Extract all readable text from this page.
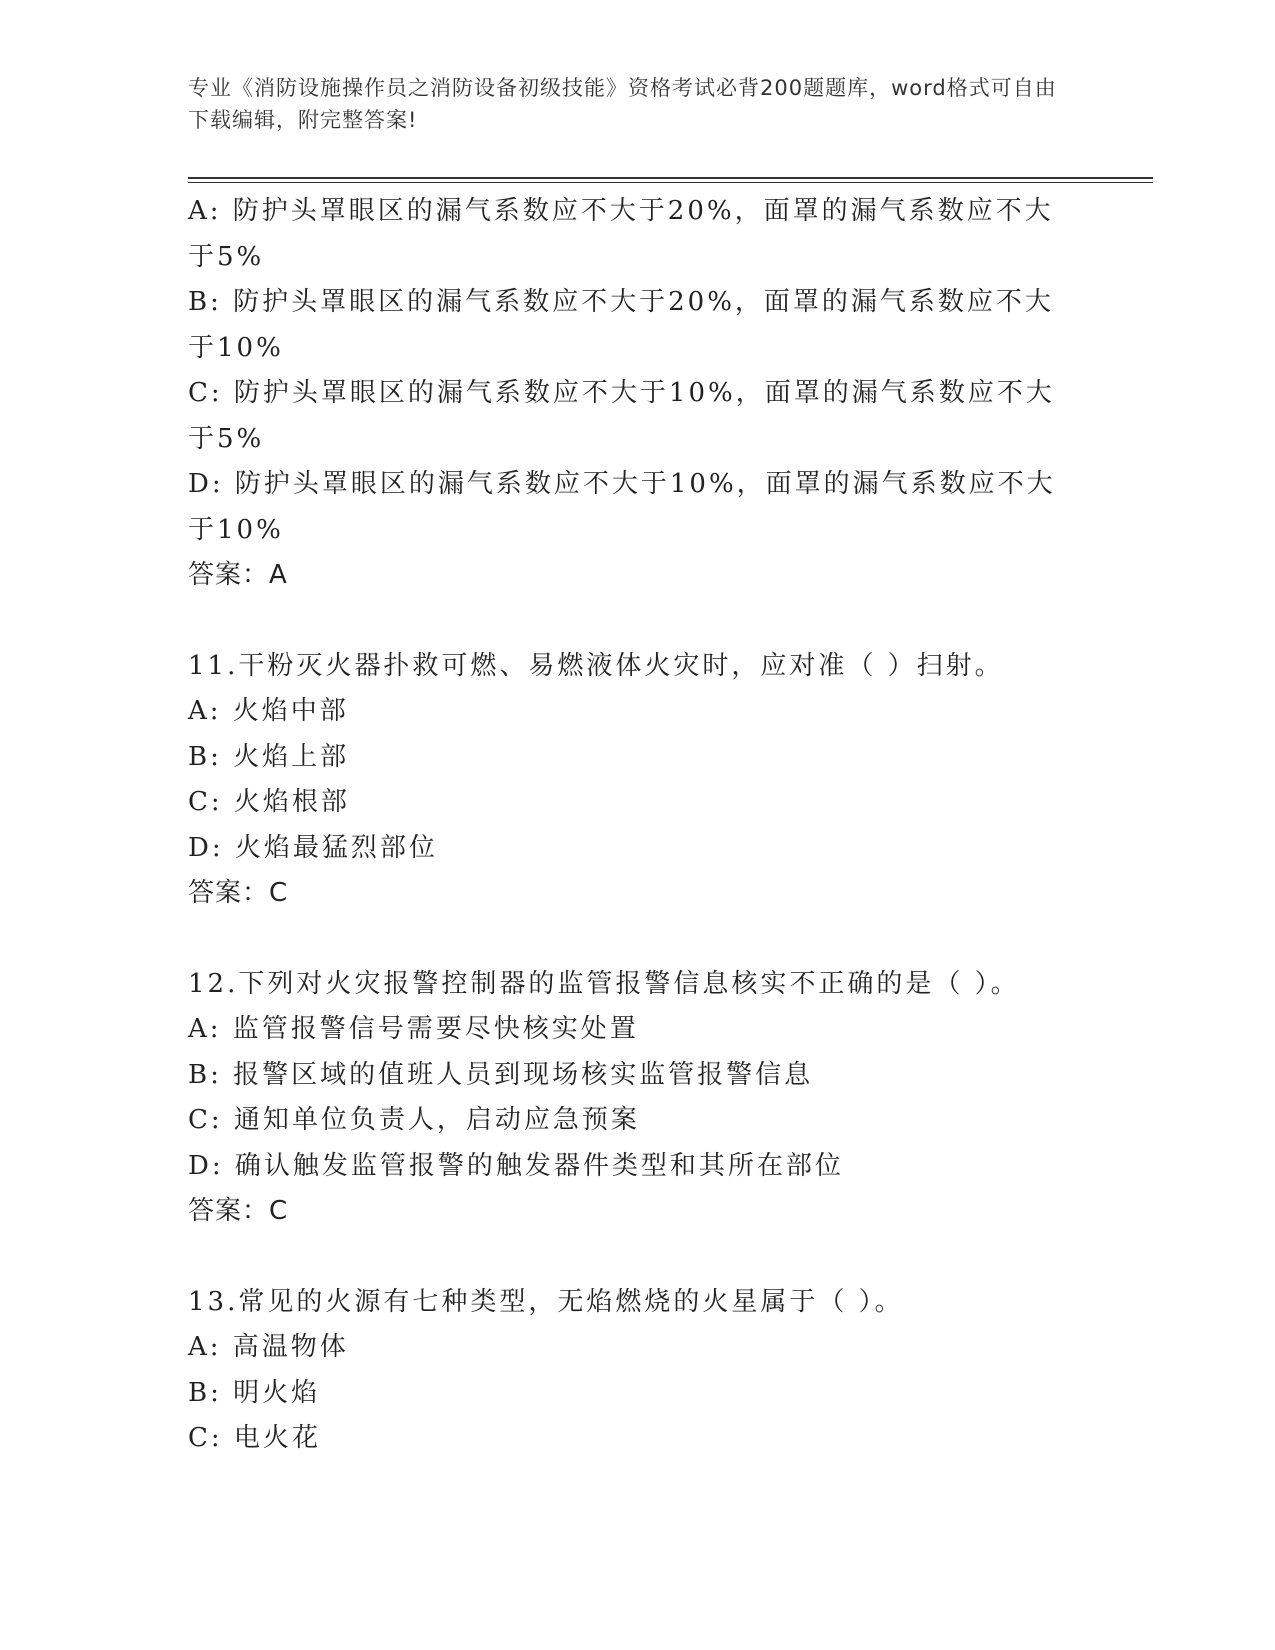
专业《消防设施操作员之消防设备初级技能》资格考试必背200题题库，word格式可自由下载编辑，附完整答案!
A: 防护头罩眼区的漏气系数应不大于20%，面罩的漏气系数应不大于5%
B: 防护头罩眼区的漏气系数应不大于20%，面罩的漏气系数应不大于10%
C: 防护头罩眼区的漏气系数应不大于10%，面罩的漏气系数应不大于5%
D: 防护头罩眼区的漏气系数应不大于10%，面罩的漏气系数应不大于10%
答案：A
11.干粉灭火器扑救可燃、易燃液体火灾时，应对准（ ）扫射。
A: 火焰中部
B: 火焰上部
C: 火焰根部
D: 火焰最猛烈部位
答案：C
12.下列对火灾报警控制器的监管报警信息核实不正确的是（ ）。
A: 监管报警信号需要尽快核实处置
B: 报警区域的值班人员到现场核实监管报警信息
C: 通知单位负责人，启动应急预案
D: 确认触发监管报警的触发器件类型和其所在部位
答案：C
13.常见的火源有七种类型，无焰燃烧的火星属于（ ）。
A: 高温物体
B: 明火焰
C: 电火花
